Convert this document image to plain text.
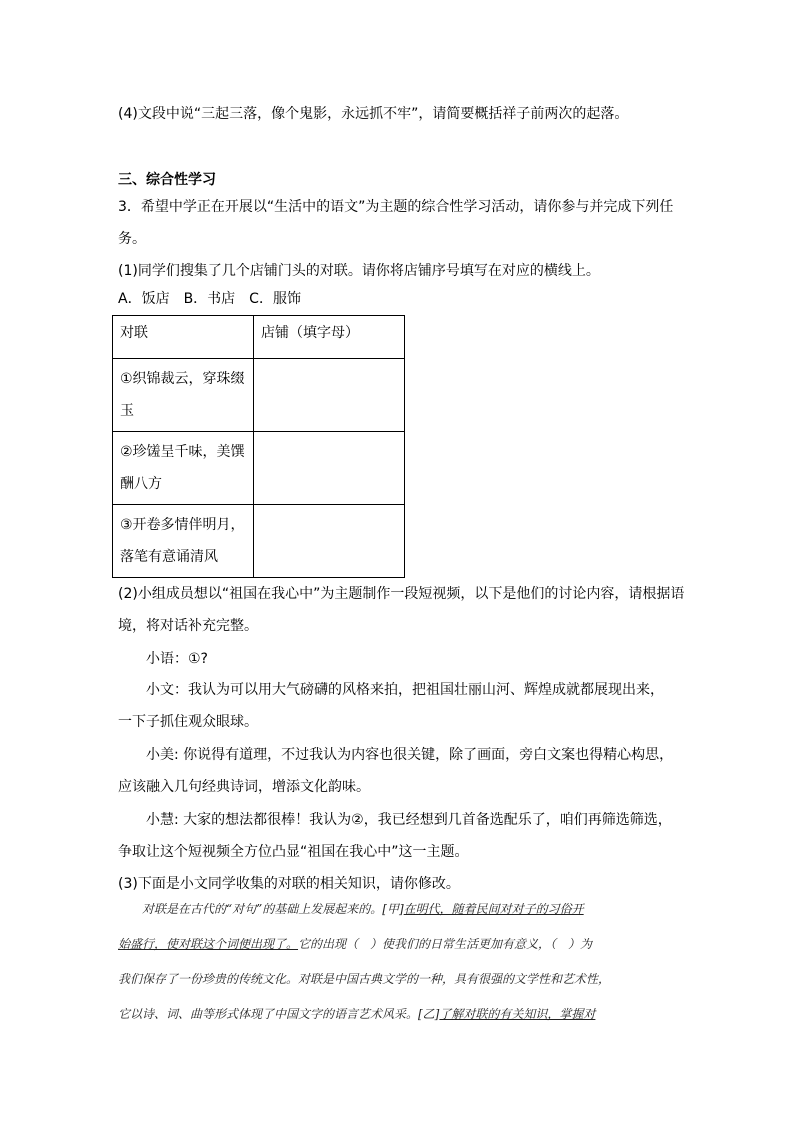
(4)文段中说“三起三落，像个鬼影，永远抓不牢”，请简要概括祥子前两次的起落。
三、综合性学习
3．希望中学正在开展以“生活中的语文”为主题的综合性学习活动，请你参与并完成下列任
务。
(1)同学们搜集了几个店铺门头的对联。请你将店铺序号填写在对应的横线上。
A．饭店　B．书店　C．服饰
对联	店铺（填字母）
①织锦裁云，穿珠缀
玉	
②珍馐呈千味，美馔
酬八方	
③开卷多情伴明月，
落笔有意诵清风	
(2)小组成员想以“祖国在我心中”为主题制作一段短视频，以下是他们的讨论内容，请根据语
境，将对话补充完整。
小语：①?
小文：我认为可以用大气磅礴的风格来拍，把祖国壮丽山河、辉煌成就都展现出来，
一下子抓住观众眼球。
小美: 你说得有道理，不过我认为内容也很关键，除了画面，旁白文案也得精心构思，
应该融入几句经典诗词，增添文化韵味。
小慧: 大家的想法都很棒！我认为②，我已经想到几首备选配乐了，咱们再筛选筛选，
争取让这个短视频全方位凸显“祖国在我心中”这一主题。
(3)下面是小文同学收集的对联的相关知识，请你修改。
对联是在古代的“对句”的基础上发展起来的。[甲]在明代，随着民间对对子的习俗开
始盛行，使对联这个词便出现了。它的出现（　）使我们的日常生活更加有意义，（　）为
我们保存了一份珍贵的传统文化。对联是中国古典文学的一种，具有很强的文学性和艺术性，
它以诗、词、曲等形式体现了中国文字的语言艺术风采。[乙]了解对联的有关知识，掌握对
